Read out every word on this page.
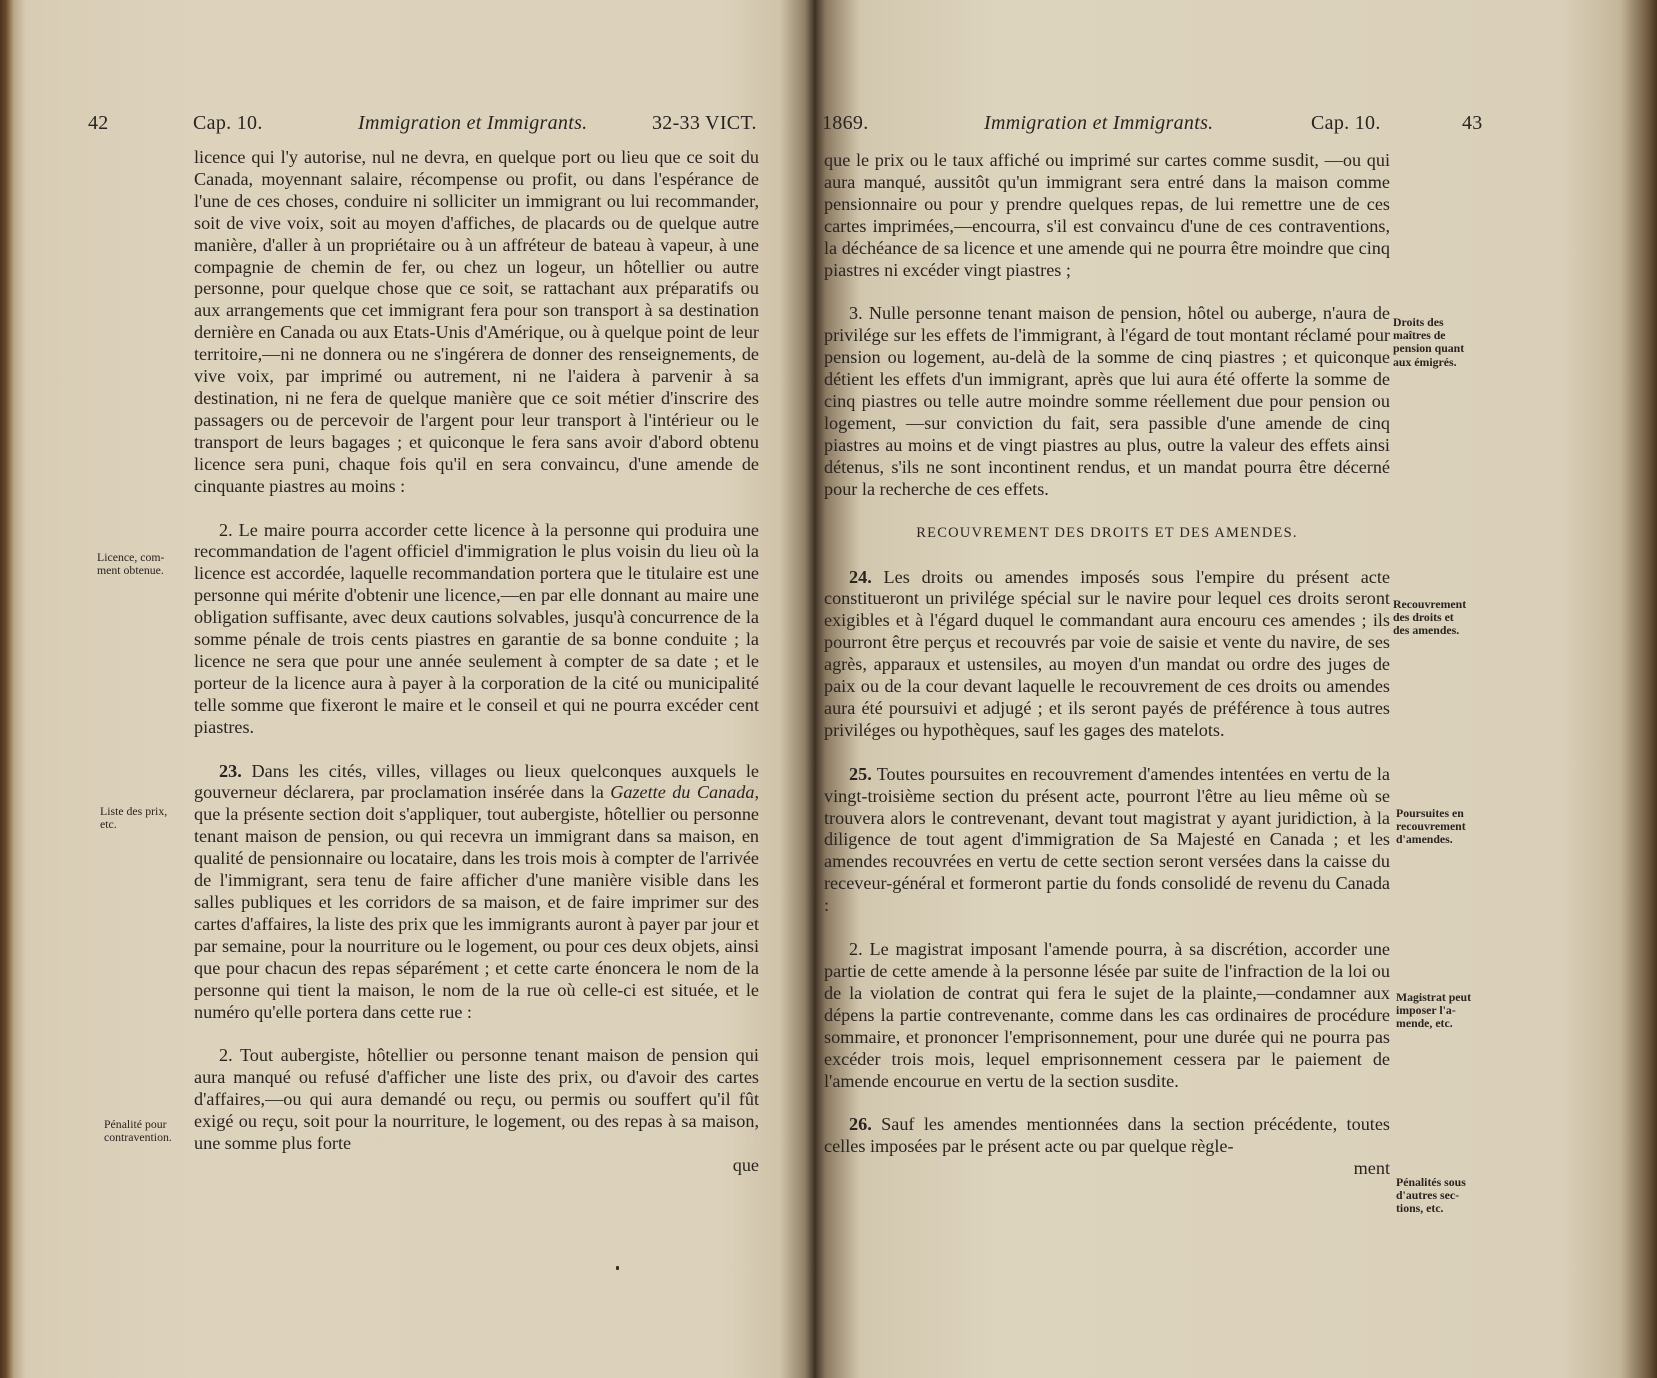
42	Cap. 10.	Immigration et Immigrants.	32-33 VICT.
Licence, com-
ment obtenue.
Liste des prix,
etc.
Pénalité pour
contravention.

licence qui l'y autorise, nul ne devra, en quelque port ou lieu que ce soit du Canada, moyennant salaire, récompense ou profit, ou dans l'espérance de l'une de ces choses, conduire ni solliciter un immigrant ou lui recommander, soit de vive voix, soit au moyen d'affiches, de placards ou de quelque autre manière, d'aller à un propriétaire ou à un affréteur de bateau à vapeur, à une compagnie de chemin de fer, ou chez un logeur, un hôtellier ou autre personne, pour quelque chose que ce soit, se rattachant aux préparatifs ou aux arrangements que cet immigrant fera pour son transport à sa destination dernière en Canada ou aux Etats-Unis d'Amérique, ou à quelque point de leur territoire,—ni ne donnera ou ne s'ingérera de donner des renseignements, de vive voix, par imprimé ou autrement, ni ne l'aidera à parvenir à sa destination, ni ne fera de quelque manière que ce soit métier d'inscrire des passagers ou de percevoir de l'argent pour leur transport à l'intérieur ou le transport de leurs bagages ; et quiconque le fera sans avoir d'abord obtenu licence sera puni, chaque fois qu'il en sera convaincu, d'une amende de cinquante piastres au moins :

2. Le maire pourra accorder cette licence à la personne qui produira une recommandation de l'agent officiel d'immigration le plus voisin du lieu où la licence est accordée, laquelle recommandation portera que le titulaire est une personne qui mérite d'obtenir une licence,—en par elle donnant au maire une obligation suffisante, avec deux cautions solvables, jusqu'à concurrence de la somme pénale de trois cents piastres en garantie de sa bonne conduite ; la licence ne sera que pour une année seulement à compter de sa date ; et le porteur de la licence aura à payer à la corporation de la cité ou municipalité telle somme que fixeront le maire et le conseil et qui ne pourra excéder cent piastres.

23. Dans les cités, villes, villages ou lieux quelconques auxquels le gouverneur déclarera, par proclamation insérée dans la Gazette du Canada, que la présente section doit s'appliquer, tout aubergiste, hôtellier ou personne tenant maison de pension, ou qui recevra un immigrant dans sa maison, en qualité de pensionnaire ou locataire, dans les trois mois à compter de l'arrivée de l'immigrant, sera tenu de faire afficher d'une manière visible dans les salles publiques et les corridors de sa maison, et de faire imprimer sur des cartes d'affaires, la liste des prix que les immigrants auront à payer par jour et par semaine, pour la nourriture ou le logement, ou pour ces deux objets, ainsi que pour chacun des repas séparément ; et cette carte énoncera le nom de la personne qui tient la maison, le nom de la rue où celle-ci est située, et le numéro qu'elle portera dans cette rue :

2. Tout aubergiste, hôtellier ou personne tenant maison de pension qui aura manqué ou refusé d'afficher une liste des prix, ou d'avoir des cartes d'affaires,—ou qui aura demandé ou reçu, ou permis ou souffert qu'il fût exigé ou reçu, soit pour la nourriture, le logement, ou des repas à sa maison, une somme plus forte

que

1869.	Immigration et Immigrants.	Cap. 10.	43
Droits des
maîtres de
pension quant
aux émigrés.
Recouvrement
des droits et
des amendes.
Poursuites en
recouvrement
d'amendes.
Magistrat peut
imposer l'a-
mende, etc.
Pénalités sous
d'autres sec-
tions, etc.

que le prix ou le taux affiché ou imprimé sur cartes comme susdit, —ou qui aura manqué, aussitôt qu'un immigrant sera entré dans la maison comme pensionnaire ou pour y prendre quelques repas, de lui remettre une de ces cartes imprimées,—encourra, s'il est convaincu d'une de ces contraventions, la déchéance de sa licence et une amende qui ne pourra être moindre que cinq piastres ni excéder vingt piastres ;

3. Nulle personne tenant maison de pension, hôtel ou auberge, n'aura de privilége sur les effets de l'immigrant, à l'égard de tout montant réclamé pour pension ou logement, au-delà de la somme de cinq piastres ; et quiconque détient les effets d'un immigrant, après que lui aura été offerte la somme de cinq piastres ou telle autre moindre somme réellement due pour pension ou logement, —sur conviction du fait, sera passible d'une amende de cinq piastres au moins et de vingt piastres au plus, outre la valeur des effets ainsi détenus, s'ils ne sont incontinent rendus, et un mandat pourra être décerné pour la recherche de ces effets.

RECOUVREMENT DES DROITS ET DES AMENDES.

24. Les droits ou amendes imposés sous l'empire du présent acte constitueront un privilége spécial sur le navire pour lequel ces droits seront exigibles et à l'égard duquel le commandant aura encouru ces amendes ; ils pourront être perçus et recouvrés par voie de saisie et vente du navire, de ses agrès, apparaux et ustensiles, au moyen d'un mandat ou ordre des juges de paix ou de la cour devant laquelle le recouvrement de ces droits ou amendes aura été poursuivi et adjugé ; et ils seront payés de préférence à tous autres priviléges ou hypothèques, sauf les gages des matelots.

25. Toutes poursuites en recouvrement d'amendes intentées en vertu de la vingt-troisième section du présent acte, pourront l'être au lieu même où se trouvera alors le contrevenant, devant tout magistrat y ayant juridiction, à la diligence de tout agent d'immigration de Sa Majesté en Canada ; et les amendes recouvrées en vertu de cette section seront versées dans la caisse du receveur-général et formeront partie du fonds consolidé de revenu du Canada :

2. Le magistrat imposant l'amende pourra, à sa discrétion, accorder une partie de cette amende à la personne lésée par suite de l'infraction de la loi ou de la violation de contrat qui fera le sujet de la plainte,—condamner aux dépens la partie contrevenante, comme dans les cas ordinaires de procédure sommaire, et prononcer l'emprisonnement, pour une durée qui ne pourra pas excéder trois mois, lequel emprisonnement cessera par le paiement de l'amende encourue en vertu de la section susdite.

26. Sauf les amendes mentionnées dans la section précédente, toutes celles imposées par le présent acte ou par quelque règle-

ment
